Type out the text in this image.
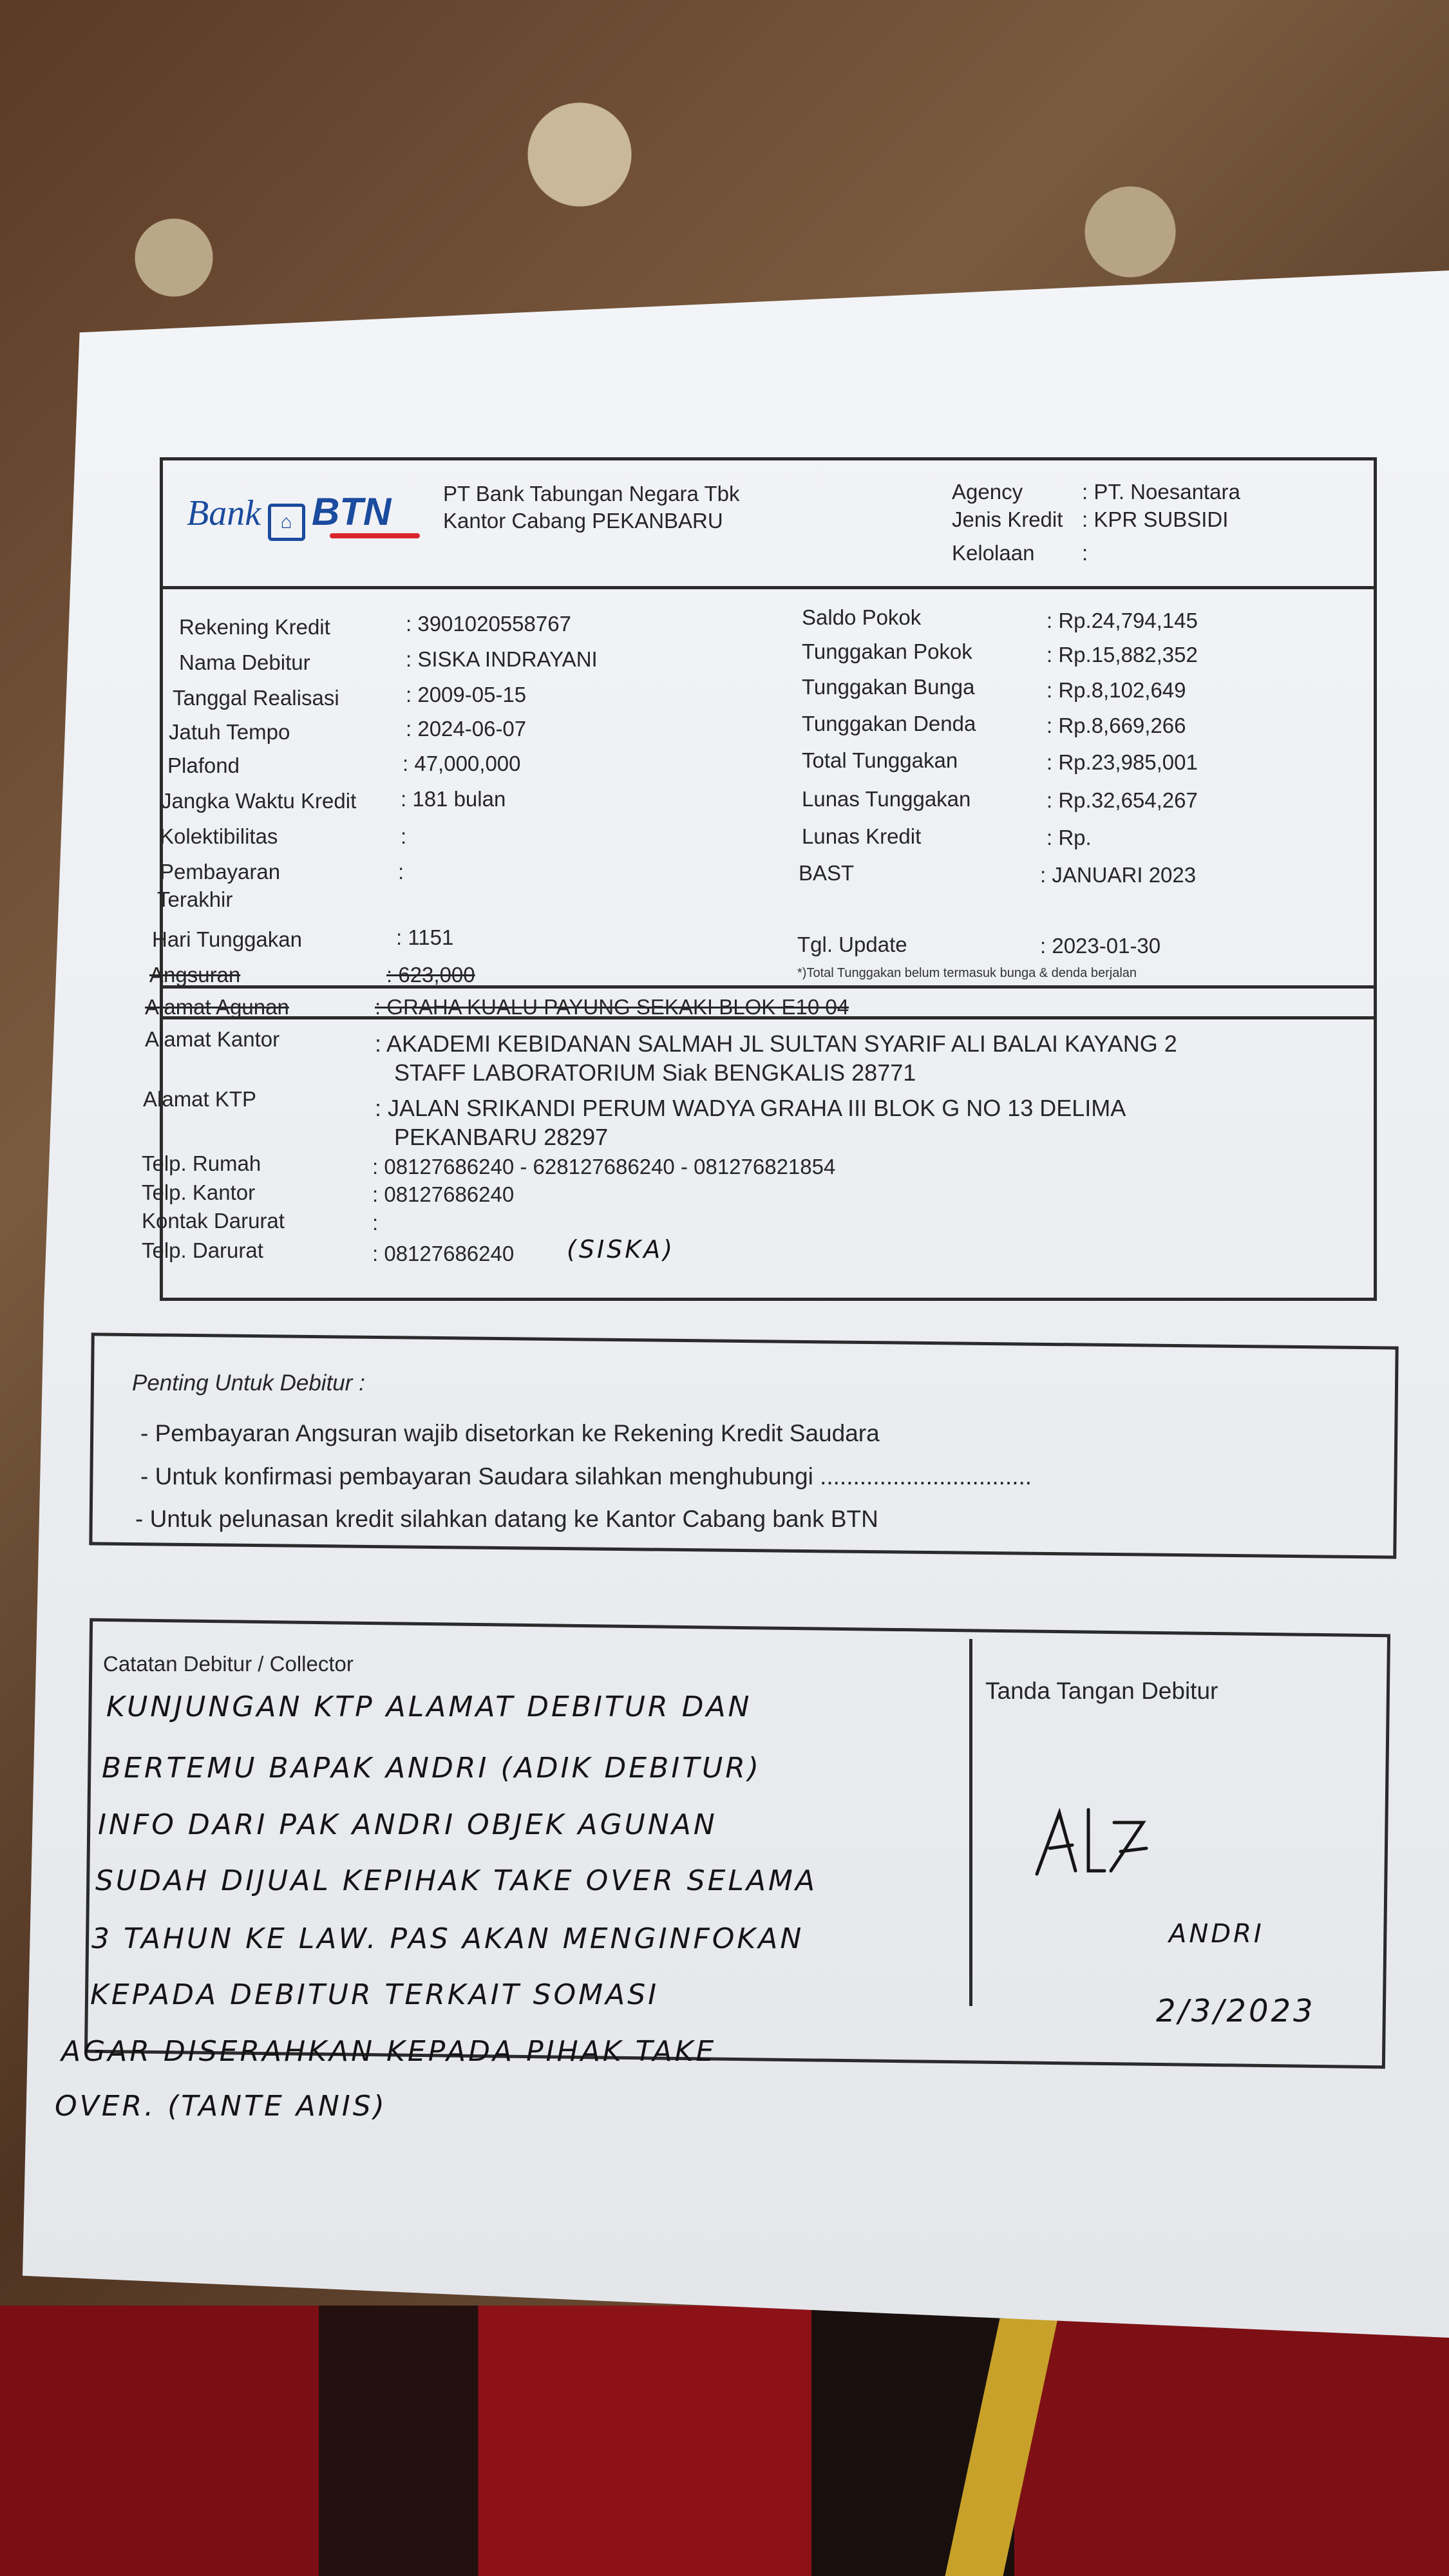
Bank ⌂ BTN PT Bank Tabungan Negara Tbk
Kantor Cabang PEKANBARU
Agency	: PT. Noesantara
Jenis Kredit : KPR SUBSIDI
Kelolaan :
Rekening Kredit	: 3901020558767
Nama Debitur	: SISKA INDRAYANI
Tanggal Realisasi	: 2009-05-15
Jatuh Tempo	: 2024-06-07
Plafond	: 47,000,000
Jangka Waktu Kredit : 181 bulan
Kolektibilitas	:
Pembayaran	:
Terakhir
Hari Tunggakan	: 1151
Angsuran	: 623,000
Saldo Pokok	: Rp.24,794,145
Tunggakan Pokok	: Rp.15,882,352
Tunggakan Bunga	: Rp.8,102,649
Tunggakan Denda	: Rp.8,669,266
Total Tunggakan	: Rp.23,985,001
Lunas Tunggakan	: Rp.32,654,267
Lunas Kredit	: Rp.
BAST	: JANUARI 2023
Tgl. Update	: 2023-01-30
*)Total Tunggakan belum termasuk bunga & denda berjalan
Alamat Agunan	: GRAHA KUALU PAYUNG SEKAKI BLOK E10 04
Alamat Kantor	: AKADEMI KEBIDANAN SALMAH JL SULTAN SYARIF ALI BALAI KAYANG 2
STAFF LABORATORIUM Siak BENGKALIS 28771
Alamat KTP	: JALAN SRIKANDI PERUM WADYA GRAHA III BLOK G NO 13 DELIMA
PEKANBARU 28297
Telp. Rumah	: 08127686240 - 628127686240 - 081276821854
Telp. Kantor	: 08127686240
Kontak Darurat	:
Telp. Darurat	: 08127686240 (SISKA)
Penting Untuk Debitur :
- Pembayaran Angsuran wajib disetorkan ke Rekening Kredit Saudara
- Untuk konfirmasi pembayaran Saudara silahkan menghubungi ................................
- Untuk pelunasan kredit silahkan datang ke Kantor Cabang bank BTN
Catatan Debitur / Collector
Tanda Tangan Debitur
KUNJUNGAN KTP ALAMAT DEBITUR DAN
BERTEMU BAPAK ANDRI (ADIK DEBITUR)
INFO DARI PAK ANDRI OBJEK AGUNAN
SUDAH DIJUAL KEPIHAK TAKE OVER SELAMA
3 TAHUN KE LAW. PAS AKAN MENGINFOKAN
KEPADA DEBITUR TERKAIT SOMASI
AGAR DISERAHKAN KEPADA PIHAK TAKE
OVER. (TANTE ANIS)
ANDRI
2/3/2023
